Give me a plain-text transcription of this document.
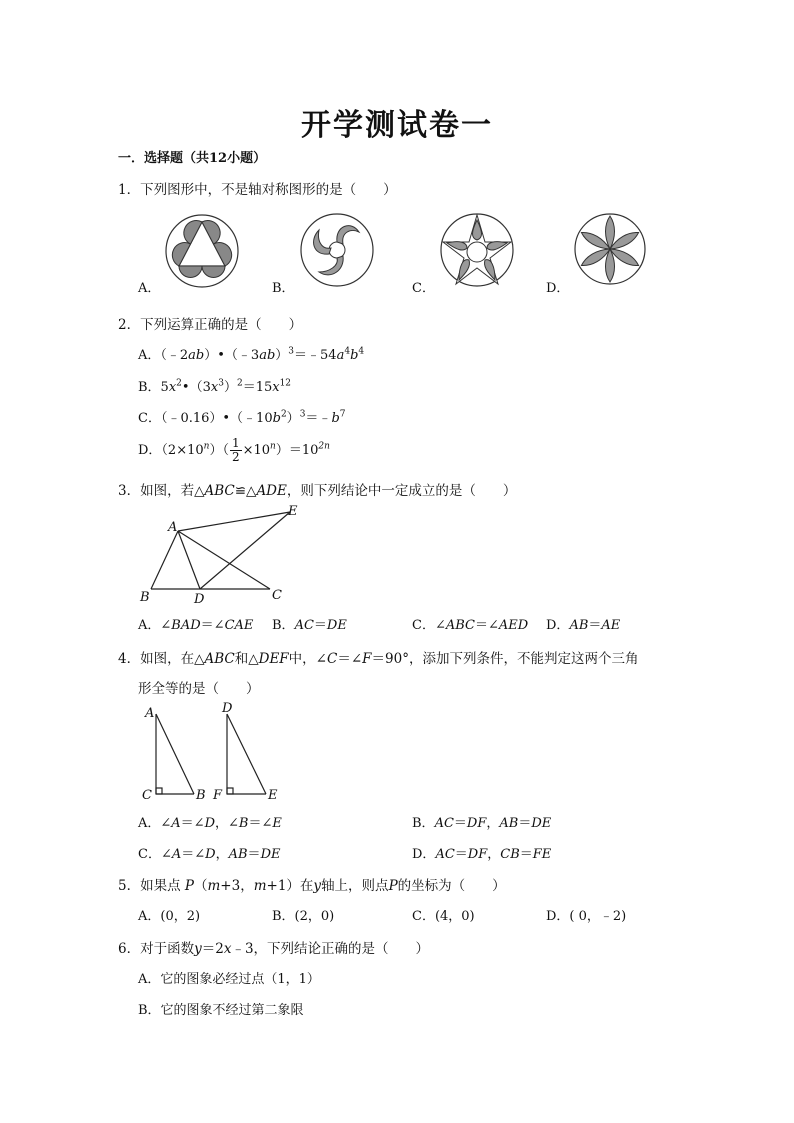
开学测试卷一
一．选择题（共12小题）
1．下列图形中，不是轴对称图形的是（　　）
A．	B．	C．	D．
2．下列运算正确的是（　　）
A．$(﹣2ab)•(﹣3ab)^3=﹣54a^4b^4$
B．$5x^2•(3x^3)^2=15x^{12}$
C．$(﹣0.16)•(﹣10b^2)^3=﹣b^7$
D．$(2\times 10^n)( \frac{1}{2} \times 10^n)=10^{2n}$
3．如图，若△ABC≌△ADE，则下列结论中一定成立的是（　　）
A
B	C
D
E
A．∠BAD＝∠CAE B．AC＝DE	C．∠ABC＝∠AED D．AB＝AE
4．如图，在△ABC和△DEF中，∠C＝∠F＝90°，添加下列条件，不能判定这两个三角
形全等的是（　　）
A
C	B
D
F	E
A．∠A＝∠D，∠B＝∠E	B．AC＝DF，AB＝DE
C．∠A＝∠D，AB＝DE	D．AC＝DF，CB＝FE
5．如果点 P（m+3，m+1）在y轴上，则点P的坐标为（　　）
A．(0，2)	B．(2，0)	C．(4，0)	D．( 0，﹣2)
6．对于函数y＝2x﹣3，下列结论正确的是（　　）
A．它的图象必经过点（1，1）
B．它的图象不经过第二象限
